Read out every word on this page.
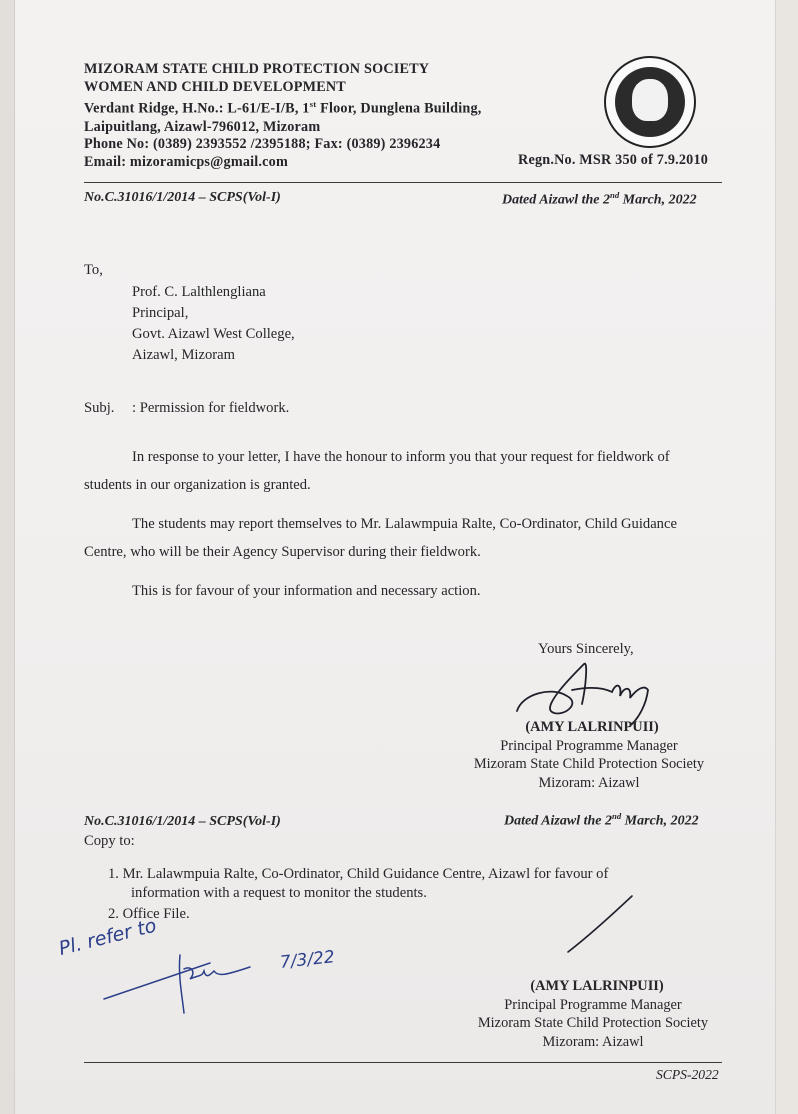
MIZORAM STATE CHILD PROTECTION SOCIETY
WOMEN AND CHILD DEVELOPMENT
Verdant Ridge, H.No.: L-61/E-I/B, 1st Floor, Dunglena Building,
Laipuitlang, Aizawl-796012, Mizoram
Phone No: (0389) 2393552 /2395188; Fax: (0389) 2396234
Email: mizoramicps@gmail.com	Regn.No. MSR 350 of 7.9.2010
No.C.31016/1/2014 – SCPS(Vol-I)	Dated Aizawl the 2nd March, 2022
To,
Prof. C. Lalthlengliana
Principal,
Govt. Aizawl West College,
Aizawl, Mizoram
Subj. : Permission for fieldwork.
In response to your letter, I have the honour to inform you that your request for fieldwork of
students in our organization is granted.
The students may report themselves to Mr. Lalawmpuia Ralte, Co-Ordinator, Child Guidance
Centre, who will be their Agency Supervisor during their fieldwork.
This is for favour of your information and necessary action.
Yours Sincerely,
(AMY LALRINPUII)
Principal Programme Manager
Mizoram State Child Protection Society
Mizoram: Aizawl
No.C.31016/1/2014 – SCPS(Vol-I)	Dated Aizawl the 2nd March, 2022
Copy to:
1. Mr. Lalawmpuia Ralte, Co-Ordinator, Child Guidance Centre, Aizawl for favour of
information with a request to monitor the students.
2. Office File.
Pl. refer to	7/3/22
(AMY LALRINPUII)
Principal Programme Manager
Mizoram State Child Protection Society
Mizoram: Aizawl
SCPS-2022
